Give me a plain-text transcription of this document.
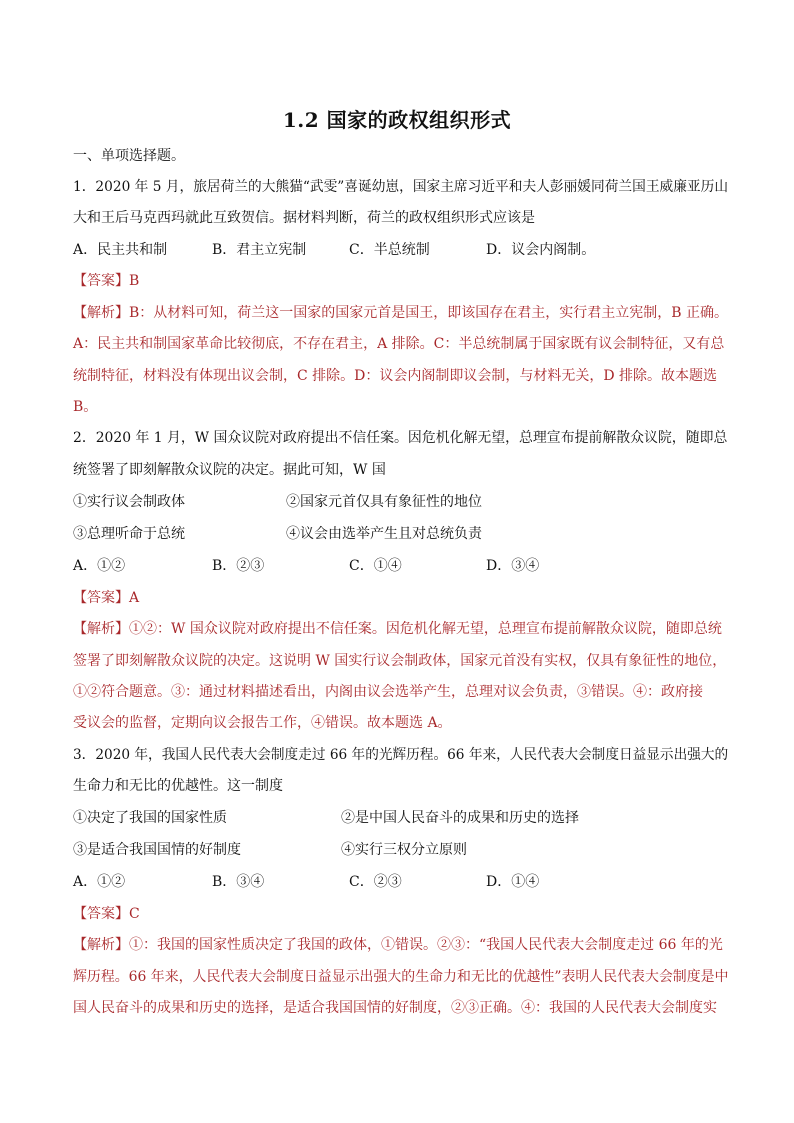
1.2 国家的政权组织形式
一、单项选择题。
1．2020 年 5 月，旅居荷兰的大熊猫“武雯”喜诞幼崽，国家主席习近平和夫人彭丽媛同荷兰国王威廉亚历山
大和王后马克西玛就此互致贺信。据材料判断，荷兰的政权组织形式应该是
A．民主共和制	B．君主立宪制	C．半总统制	D．议会内阁制。
【答案】B
【解析】B：从材料可知，荷兰这一国家的国家元首是国王，即该国存在君主，实行君主立宪制，B 正确。
A：民主共和制国家革命比较彻底，不存在君主，A 排除。C：半总统制属于国家既有议会制特征，又有总
统制特征，材料没有体现出议会制，C 排除。D：议会内阁制即议会制，与材料无关，D 排除。故本题选
B。
2．2020 年 1 月，W 国众议院对政府提出不信任案。因危机化解无望，总理宣布提前解散众议院，随即总
统签署了即刻解散众议院的决定。据此可知，W 国
①实行议会制政体	②国家元首仅具有象征性的地位
③总理听命于总统	④议会由选举产生且对总统负责
A．①②	B．②③	C．①④	D．③④
【答案】A
【解析】①②：W 国众议院对政府提出不信任案。因危机化解无望，总理宣布提前解散众议院，随即总统
签署了即刻解散众议院的决定。这说明 W 国实行议会制政体，国家元首没有实权，仅具有象征性的地位，
①②符合题意。③：通过材料描述看出，内阁由议会选举产生，总理对议会负责，③错误。④：政府接
受议会的监督，定期向议会报告工作，④错误。故本题选 A。
3．2020 年，我国人民代表大会制度走过 66 年的光辉历程。66 年来，人民代表大会制度日益显示出强大的
生命力和无比的优越性。这一制度
①决定了我国的国家性质	②是中国人民奋斗的成果和历史的选择
③是适合我国国情的好制度	④实行三权分立原则
A．①②	B．③④	C．②③	D．①④
【答案】C
【解析】①：我国的国家性质决定了我国的政体，①错误。②③：“我国人民代表大会制度走过 66 年的光
辉历程。66 年来，人民代表大会制度日益显示出强大的生命力和无比的优越性”表明人民代表大会制度是中
国人民奋斗的成果和历史的选择，是适合我国国情的好制度，②③正确。④：我国的人民代表大会制度实
